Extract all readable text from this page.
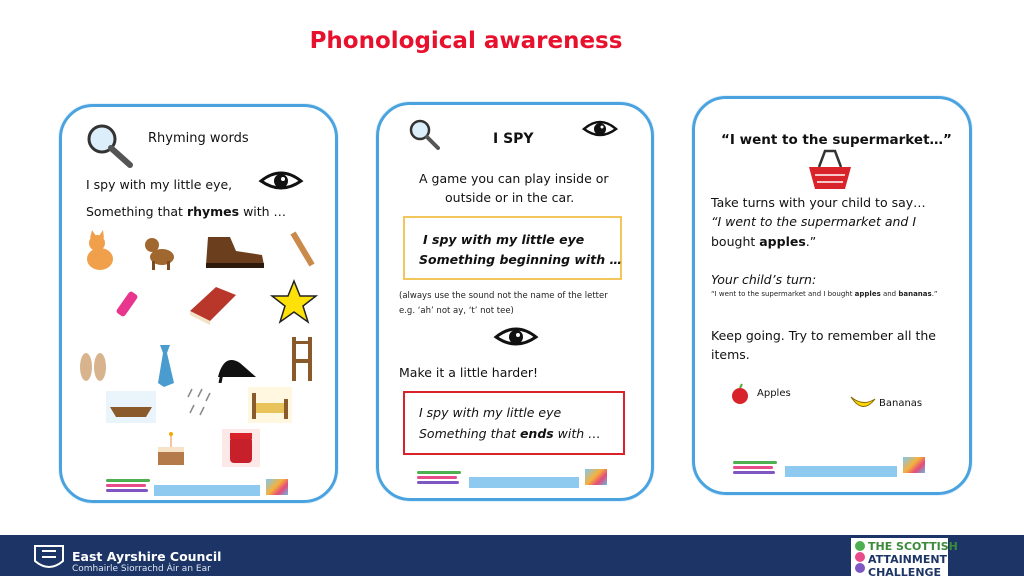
Phonological awareness
Rhyming words
I spy with my little eye,
Something that rhymes with …
I SPY
A game you can play inside or
outside or in the car.
I spy with my little eye
Something beginning with …
(always use the sound not the name of the letter
e.g. ‘ah’ not ay, ‘t’ not tee)
Make it a little harder!
I spy with my little eye
Something that ends with …
“I went to the supermarket…”
Take turns with your child to say…
“I went to the supermarket and I
bought apples.”
Your child’s turn:
“I went to the supermarket and I bought apples and bananas.”
Keep going. Try to remember all the
items.
Apples
Bananas
East Ayrshire Council
Comhairle Siorrachd Àir an Ear
THE SCOTTISH
ATTAINMENT
CHALLENGE
